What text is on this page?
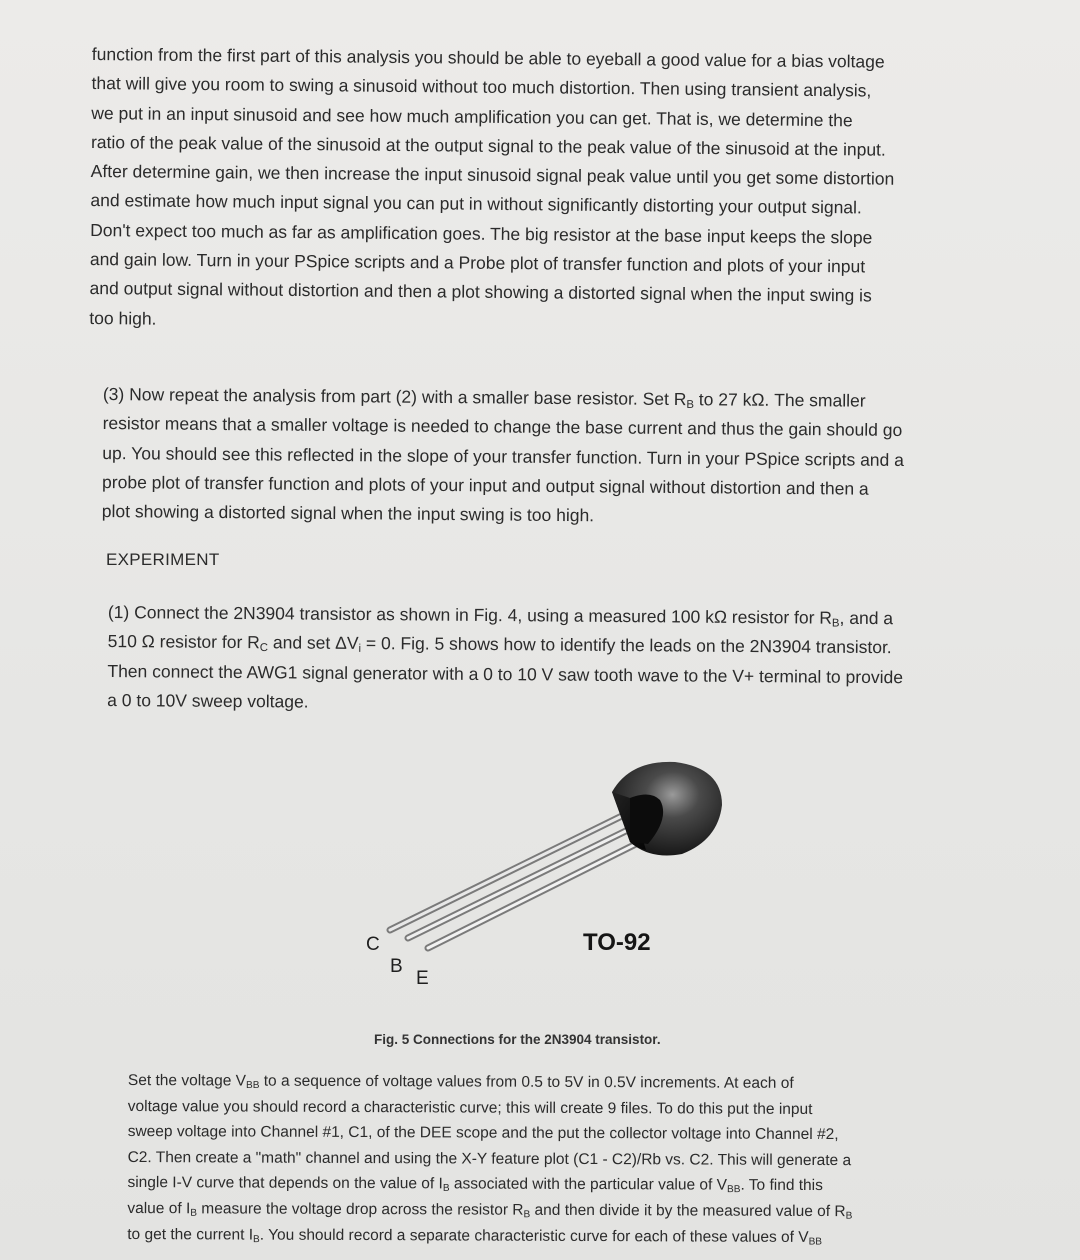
function from the first part of this analysis you should be able to eyeball a good value for a bias voltage
that will give you room to swing a sinusoid without too much distortion. Then using transient analysis,
we put in an input sinusoid and see how much amplification you can get. That is, we determine the
ratio of the peak value of the sinusoid at the output signal to the peak value of the sinusoid at the input.
After determine gain, we then increase the input sinusoid signal peak value until you get some distortion
and estimate how much input signal you can put in without significantly distorting your output signal.
Don't expect too much as far as amplification goes. The big resistor at the base input keeps the slope
and gain low. Turn in your PSpice scripts and a Probe plot of transfer function and plots of your input
and output signal without distortion and then a plot showing a distorted signal when the input swing is
too high.

(3) Now repeat the analysis from part (2) with a smaller base resistor. Set $R_B$ to 27 kΩ. The smaller
resistor means that a smaller voltage is needed to change the base current and thus the gain should go
up. You should see this reflected in the slope of your transfer function. Turn in your PSpice scripts and a
probe plot of transfer function and plots of your input and output signal without distortion and then a
plot showing a distorted signal when the input swing is too high.

EXPERIMENT

(1) Connect the 2N3904 transistor as shown in Fig. 4, using a measured 100 kΩ resistor for $R_B$, and a
510 Ω resistor for $R_C$ and set $\Delta V_i = 0$. Fig. 5 shows how to identify the leads on the 2N3904 transistor.
Then connect the AWG1 signal generator with a 0 to 10 V saw tooth wave to the V+ terminal to provide
a 0 to 10V sweep voltage.

C
B
E
TO-92

Fig. 5 Connections for the 2N3904 transistor.

Set the voltage $V_{BB}$ to a sequence of voltage values from 0.5 to 5V in 0.5V increments. At each of
voltage value you should record a characteristic curve; this will create 9 files. To do this put the input
sweep voltage into Channel #1, C1, of the DEE scope and the put the collector voltage into Channel #2,
C2. Then create a "math" channel and using the X-Y feature plot (C1 - C2)/Rb vs. C2. This will generate a
single I-V curve that depends on the value of $I_B$ associated with the particular value of $V_{BB}$. To find this
value of $I_B$ measure the voltage drop across the resistor $R_B$ and then divide it by the measured value of $R_B$
to get the current $I_B$. You should record a separate characteristic curve for each of these values of $V_{BB}$
